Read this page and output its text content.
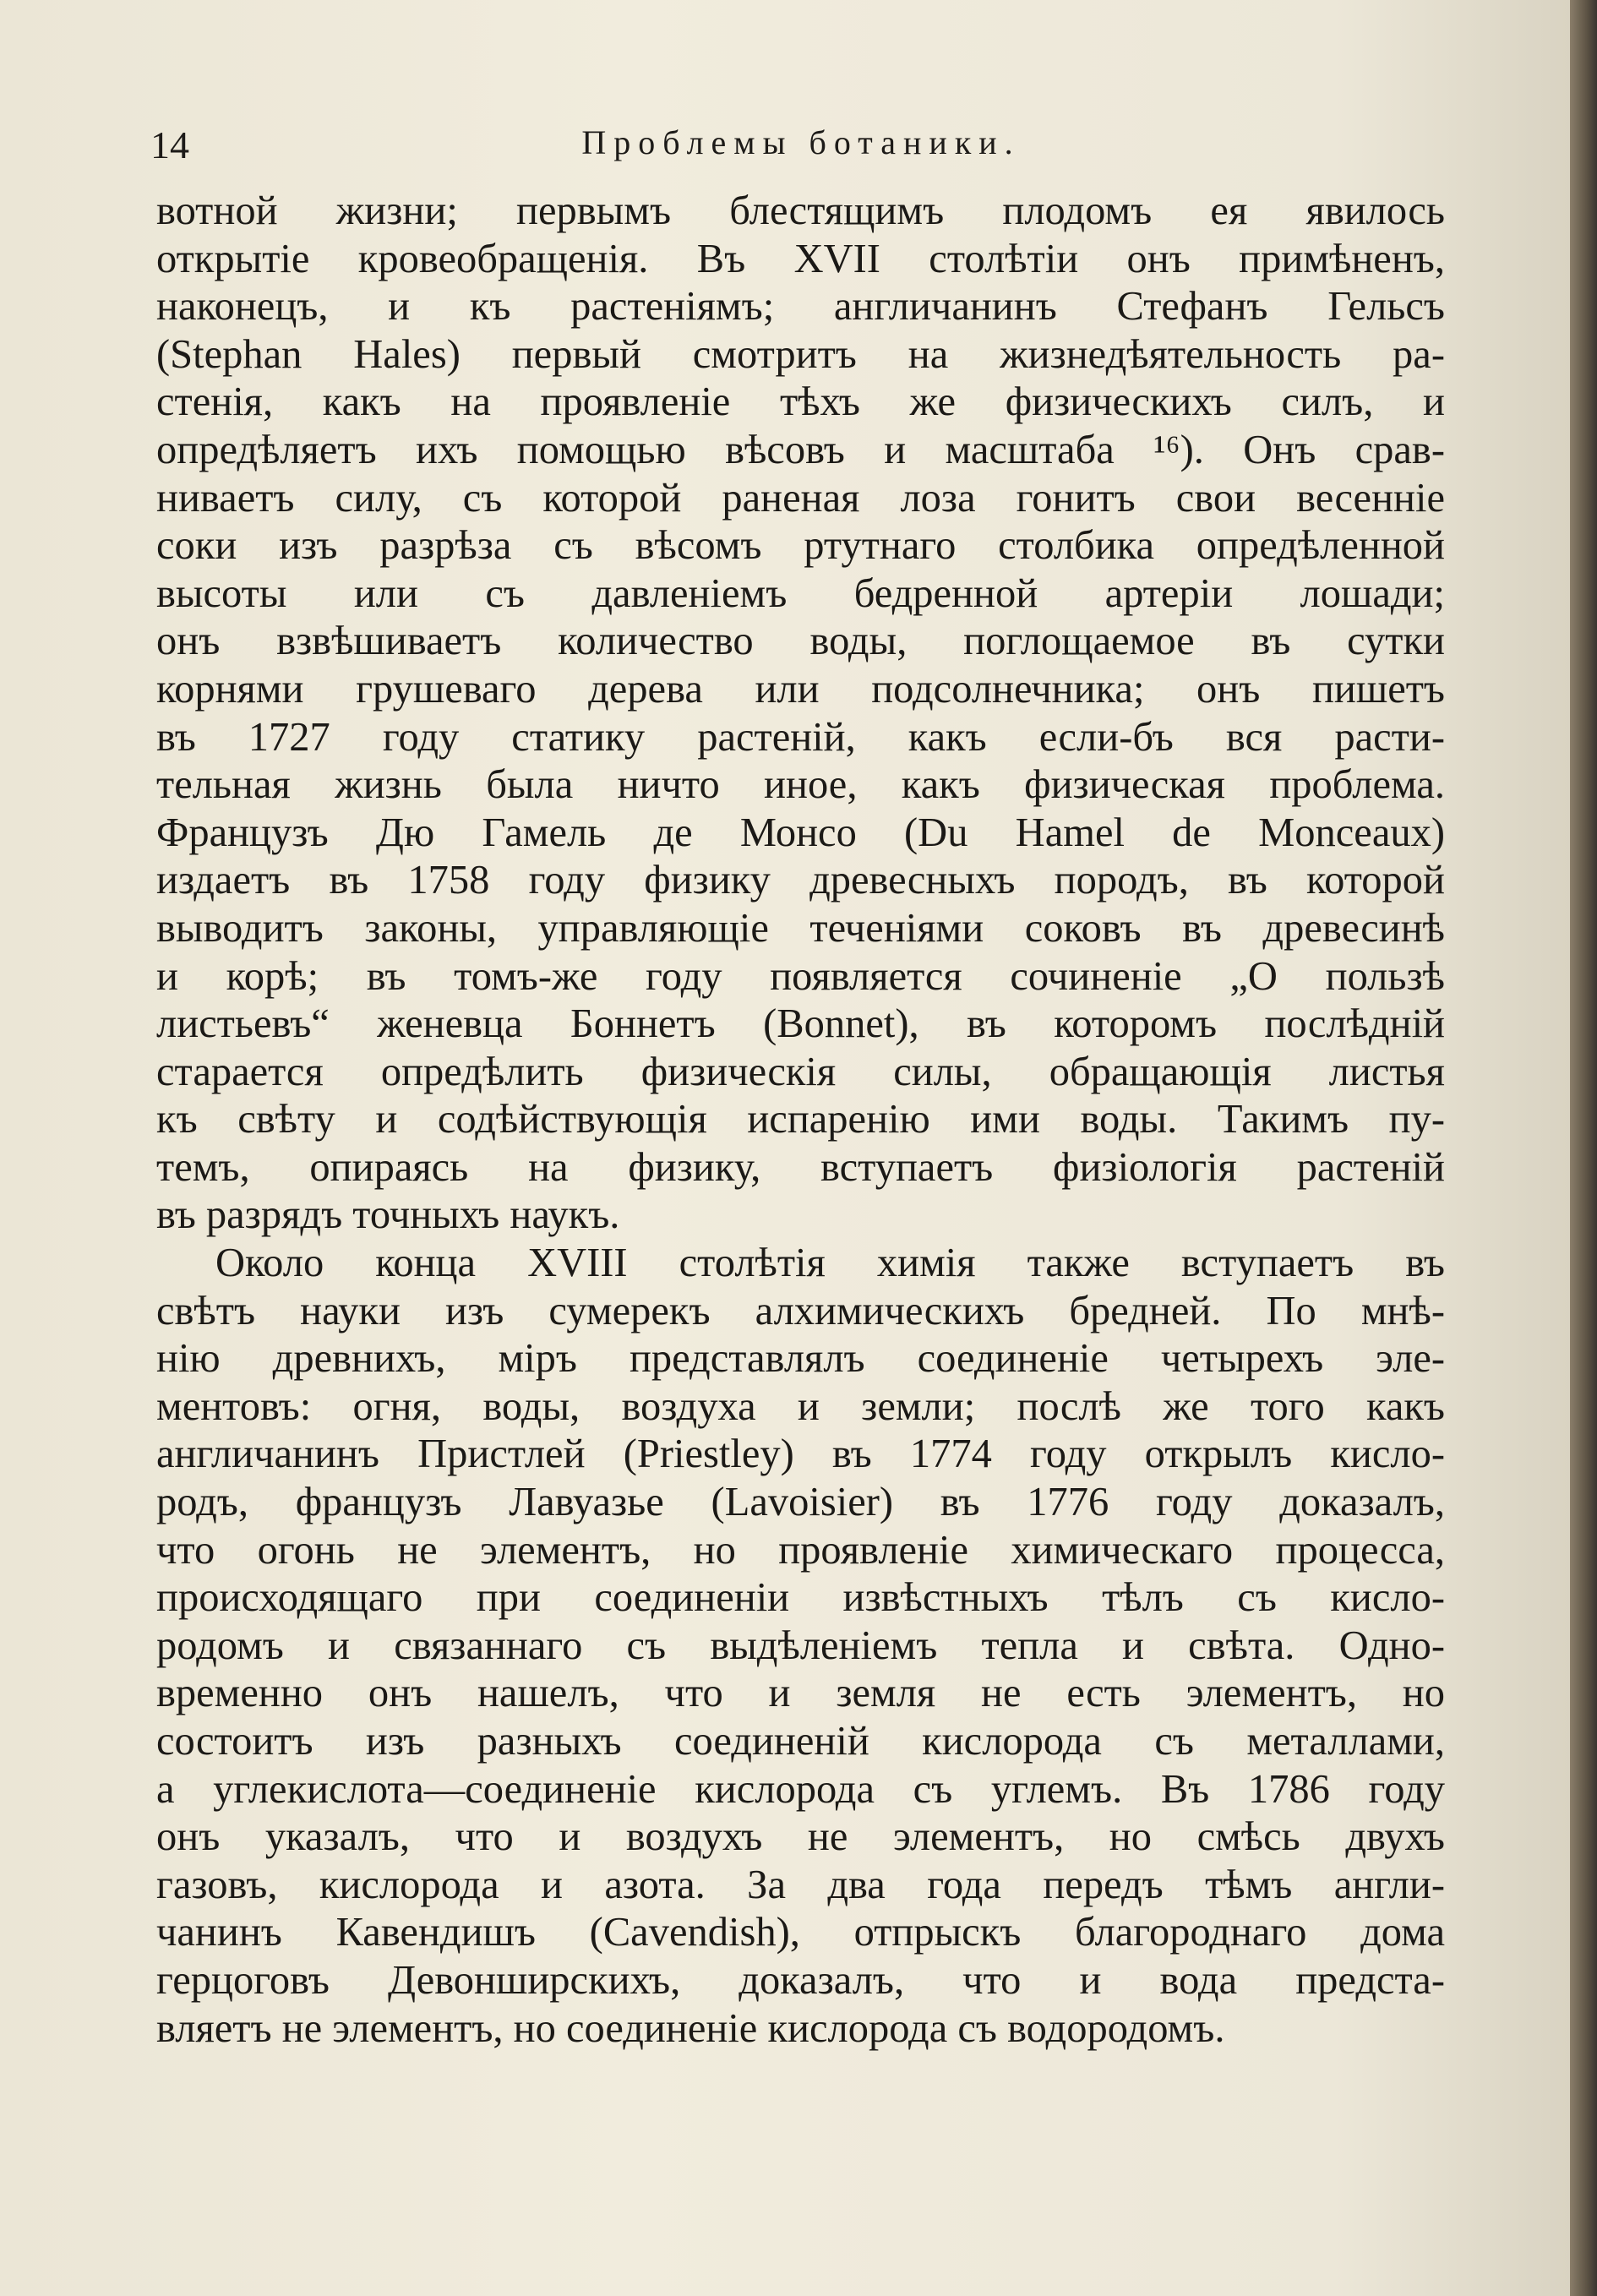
14	Проблемы ботаники.
вотной жизни; первымъ блестящимъ плодомъ ея явилось
открытіе кровеобращенія. Въ XVII столѣтіи онъ примѣненъ,
наконецъ, и къ растеніямъ; англичанинъ Стефанъ Гельсъ
(Stephan Hales) первый смотритъ на жизнедѣятельность ра-
стенія, какъ на проявленіе тѣхъ же физическихъ силъ, и
опредѣляетъ ихъ помощью вѣсовъ и масштаба ¹⁶). Онъ срав-
ниваетъ силу, съ которой раненая лоза гонитъ свои весенніе
соки изъ разрѣза съ вѣсомъ ртутнаго столбика опредѣленной
высоты или съ давленіемъ бедренной артеріи лошади;
онъ взвѣшиваетъ количество воды, поглощаемое въ сутки
корнями грушеваго дерева или подсолнечника; онъ пишетъ
въ 1727 году статику растеній, какъ если-бъ вся расти-
тельная жизнь была ничто иное, какъ физическая проблема.
Французъ Дю Гамель де Монсо (Du Hamel de Monceaux)
издаетъ въ 1758 году физику древесныхъ породъ, въ которой
выводитъ законы, управляющіе теченіями соковъ въ древесинѣ
и корѣ; въ томъ-же году появляется сочиненіе „О пользѣ
листьевъ“ женевца Боннетъ (Bonnet), въ которомъ послѣдній
старается опредѣлить физическія силы, обращающія листья
къ свѣту и содѣйствующія испаренію ими воды. Такимъ пу-
темъ, опираясь на физику, вступаетъ физіологія растеній
въ разрядъ точныхъ наукъ.
Около конца XVIII столѣтія химія также вступаетъ въ
свѣтъ науки изъ сумерекъ алхимическихъ бредней. По мнѣ-
нію древнихъ, міръ представлялъ соединеніе четырехъ эле-
ментовъ: огня, воды, воздуха и земли; послѣ же того какъ
англичанинъ Пристлей (Priestley) въ 1774 году открылъ кисло-
родъ, французъ Лавуазье (Lavoisier) въ 1776 году доказалъ,
что огонь не элементъ, но проявленіе химическаго процесса,
происходящаго при соединеніи извѣстныхъ тѣлъ съ кисло-
родомъ и связаннаго съ выдѣленіемъ тепла и свѣта. Одно-
временно онъ нашелъ, что и земля не есть элементъ, но
состоитъ изъ разныхъ соединеній кислорода съ металлами,
а углекислота—соединеніе кислорода съ углемъ. Въ 1786 году
онъ указалъ, что и воздухъ не элементъ, но смѣсь двухъ
газовъ, кислорода и азота. За два года передъ тѣмъ англи-
чанинъ Кавендишъ (Cavendish), отпрыскъ благороднаго дома
герцоговъ Девонширскихъ, доказалъ, что и вода предста-
вляетъ не элементъ, но соединеніе кислорода съ водородомъ.
